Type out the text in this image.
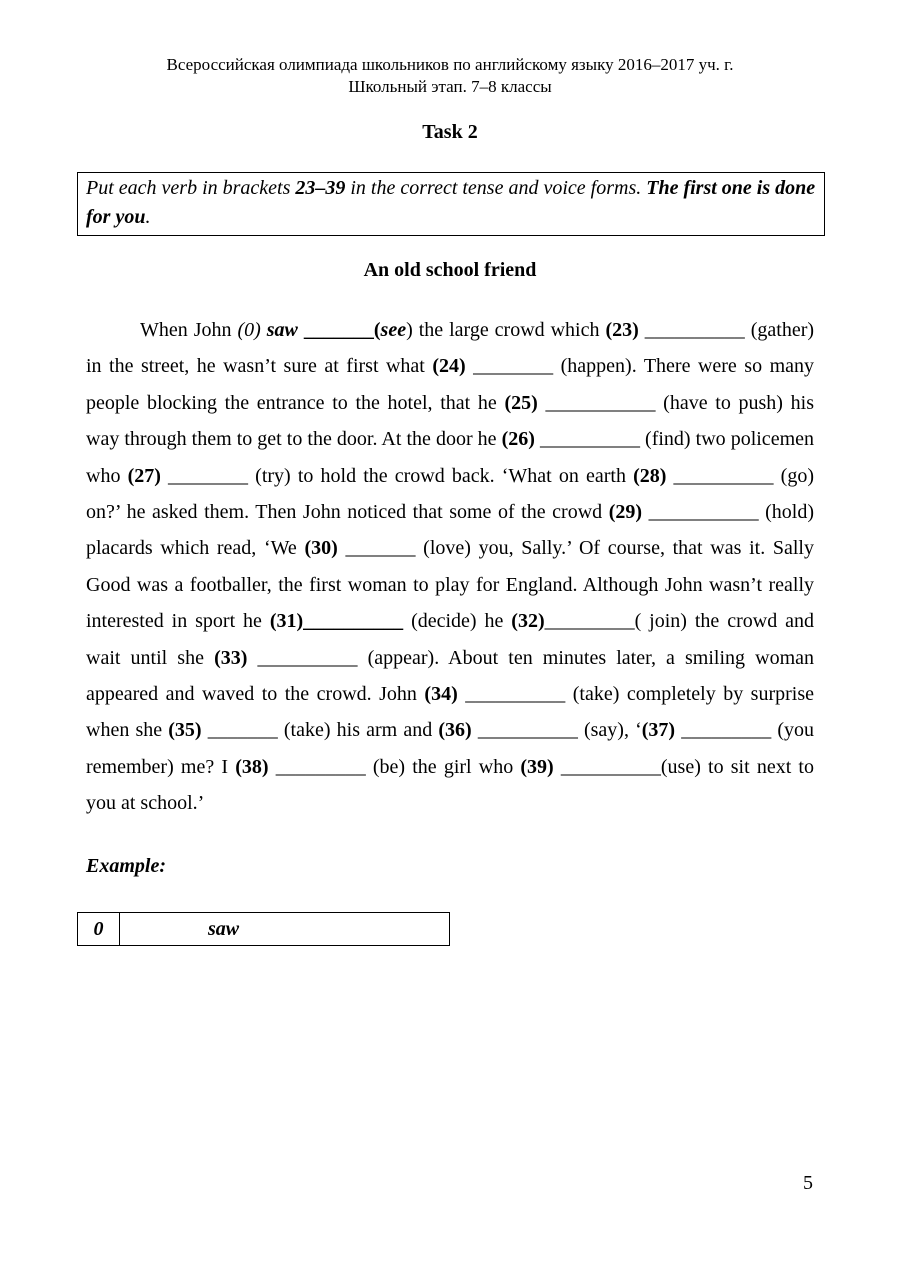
Всероссийская олимпиада школьников по английскому языку 2016–2017 уч. г.
Школьный этап. 7–8 классы
Task 2
Put each verb in brackets 23–39 in the correct tense and voice forms. The first one is done for you.
An old school friend

When John (0) saw _______(see) the large crowd which (23) __________ (gather) in the street, he wasn’t sure at first what (24) ________ (happen). There were so many people blocking the entrance to the hotel, that he (25) ___________ (have to push) his way through them to get to the door. At the door he (26) __________ (find) two policemen who (27) ________ (try) to hold the crowd back. ‘What on earth (28) __________ (go) on?’ he asked them. Then John noticed that some of the crowd (29) ___________ (hold) placards which read, ‘We (30) _______ (love) you, Sally.’ Of course, that was it. Sally Good was a footballer, the first woman to play for England. Although John wasn’t really interested in sport he (31)__________ (decide) he (32)_________( join) the crowd and wait until she (33) __________ (appear). About ten minutes later, a smiling woman appeared and waved to the crowd. John (34) __________ (take) completely by surprise when she (35) _______ (take) his arm and (36) __________ (say), ‘(37) _________ (you remember) me? I (38) _________ (be) the girl who (39) __________(use) to sit next to you at school.’

Example:
0	saw
5
